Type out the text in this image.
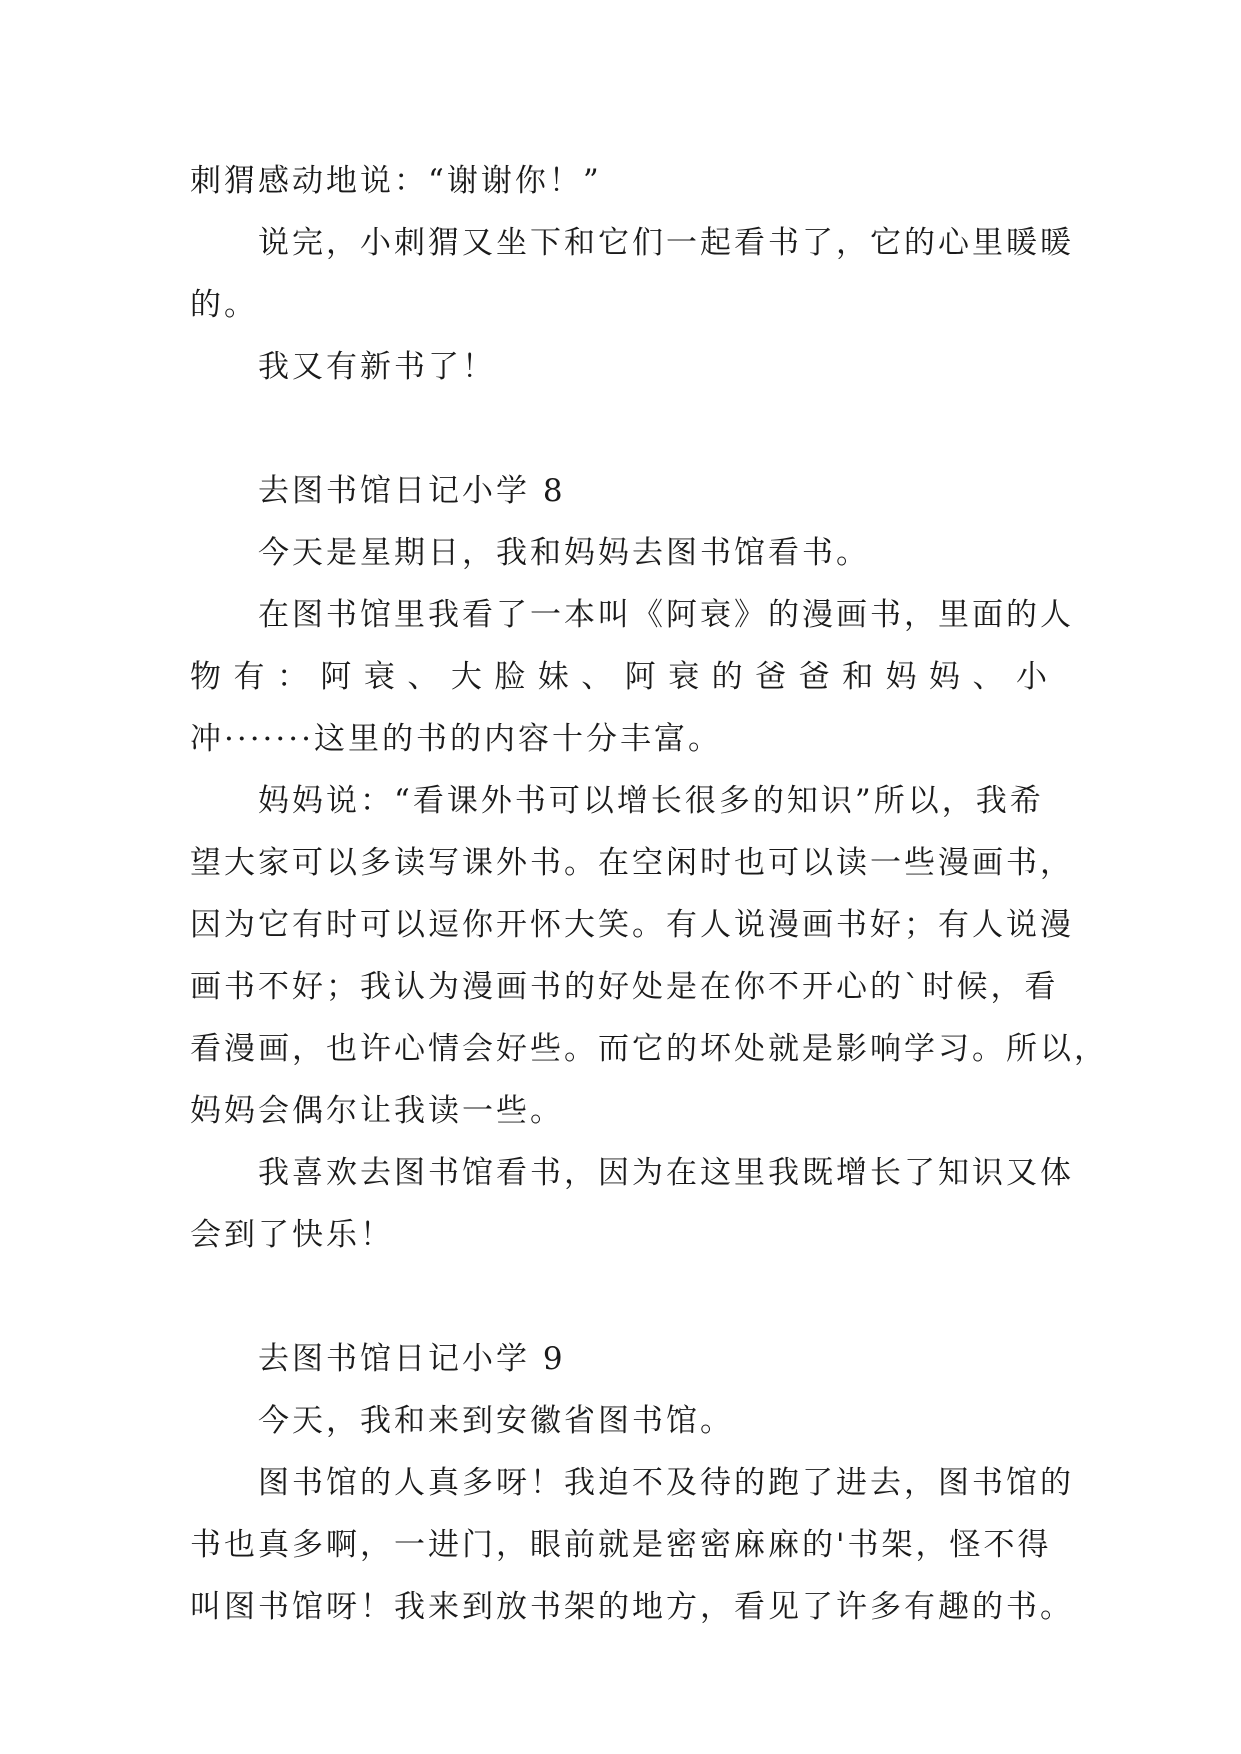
刺猬感动地说：“谢谢你！”
说完，小刺猬又坐下和它们一起看书了，它的心里暖暖
的。
我又有新书了！
去图书馆日记小学 8
今天是星期日，我和妈妈去图书馆看书。
在图书馆里我看了一本叫《阿衰》的漫画书，里面的人
物有：阿衰、大脸妹、阿衰的爸爸和妈妈、小
冲·······这里的书的内容十分丰富。
妈妈说：“看课外书可以增长很多的知识”所以，我希
望大家可以多读写课外书。在空闲时也可以读一些漫画书，
因为它有时可以逗你开怀大笑。有人说漫画书好；有人说漫
画书不好；我认为漫画书的好处是在你不开心的`时候，看
看漫画，也许心情会好些。而它的坏处就是影响学习。所以，
妈妈会偶尔让我读一些。
我喜欢去图书馆看书，因为在这里我既增长了知识又体
会到了快乐！
去图书馆日记小学 9
今天，我和来到安徽省图书馆。
图书馆的人真多呀！我迫不及待的跑了进去，图书馆的
书也真多啊，一进门，眼前就是密密麻麻的'书架，怪不得
叫图书馆呀！我来到放书架的地方，看见了许多有趣的书。
